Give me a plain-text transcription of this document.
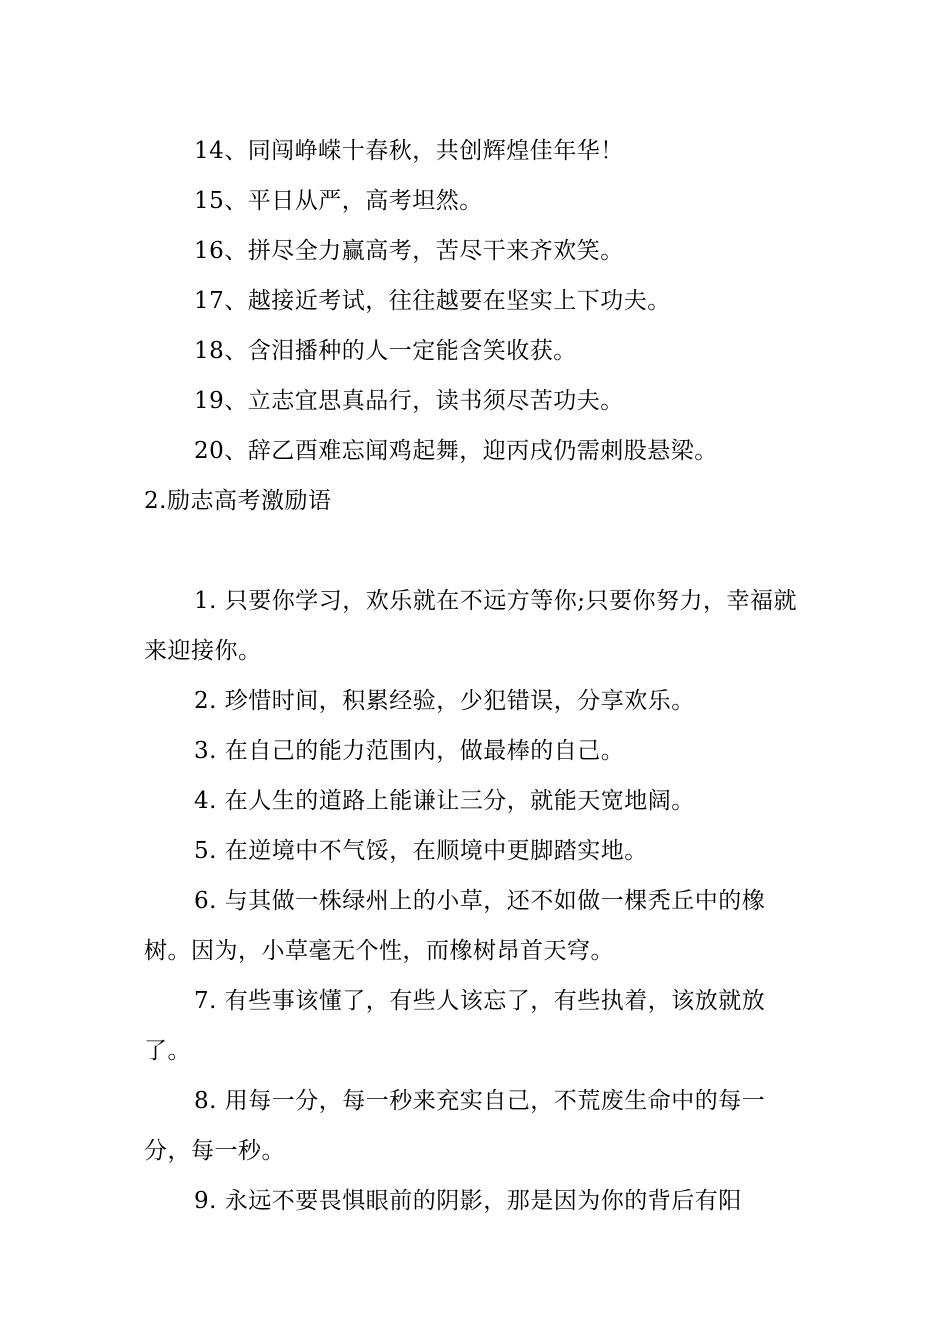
14、同闯峥嵘十春秋，共创辉煌佳年华！

15、平日从严，高考坦然。

16、拼尽全力赢高考，苦尽干来齐欢笑。

17、越接近考试，往往越要在坚实上下功夫。

18、含泪播种的人一定能含笑收获。

19、立志宜思真品行，读书须尽苦功夫。

20、辞乙酉难忘闻鸡起舞，迎丙戌仍需刺股悬梁。

2.励志高考激励语

1. 只要你学习，欢乐就在不远方等你;只要你努力，幸福就来迎接你。

2. 珍惜时间，积累经验，少犯错误，分享欢乐。

3. 在自己的能力范围内，做最棒的自己。

4. 在人生的道路上能谦让三分，就能天宽地阔。

5. 在逆境中不气馁，在顺境中更脚踏实地。

6. 与其做一株绿州上的小草，还不如做一棵秃丘中的橡树。因为，小草毫无个性，而橡树昂首天穹。

7. 有些事该懂了，有些人该忘了，有些执着，该放就放了。

8. 用每一分，每一秒来充实自己，不荒废生命中的每一分，每一秒。

9. 永远不要畏惧眼前的阴影，那是因为你的背后有阳
